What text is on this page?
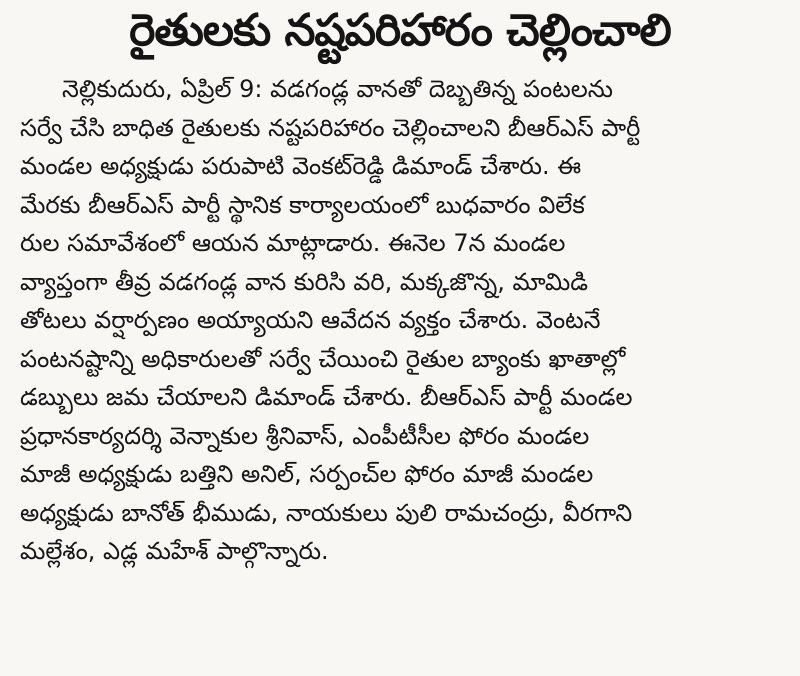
రైతులకు నష్టపరిహారం చెల్లించాలి
నెల్లికుదురు, ఏప్రిల్ 9: వడగండ్ల వానతో దెబ్బతిన్న పంటలను
సర్వే చేసి బాధిత రైతులకు నష్టపరిహారం చెల్లించాలని బీఆర్ఎస్ పార్టీ
మండల అధ్యక్షుడు పరుపాటి వెంకట్‌రెడ్డి డిమాండ్ చేశారు. ఈ
మేరకు బీఆర్ఎస్ పార్టీ స్థానిక కార్యాలయంలో బుధవారం విలేక
రుల సమావేశంలో ఆయన మాట్లాడారు. ఈనెల 7న మండల
వ్యాప్తంగా తీవ్ర వడగండ్ల వాన కురిసి వరి, మక్కజొన్న, మామిడి
తోటలు వర్షార్పణం అయ్యాయని ఆవేదన వ్యక్తం చేశారు. వెంటనే
పంటనష్టాన్ని అధికారులతో సర్వే చేయించి రైతుల బ్యాంకు ఖాతాల్లో
డబ్బులు జమ చేయాలని డిమాండ్ చేశారు. బీఆర్ఎస్ పార్టీ మండల
ప్రధానకార్యదర్శి వెన్నాకుల శ్రీనివాస్, ఎంపీటీసీల ఫోరం మండల
మాజీ అధ్యక్షుడు బత్తిని అనిల్, సర్పంచ్‌ల ఫోరం మాజీ మండల
అధ్యక్షుడు బానోత్ భీముడు, నాయకులు పులి రామచంద్రు, వీరగాని
మల్లేశం, ఎడ్ల మహేశ్ పాల్గొన్నారు.
